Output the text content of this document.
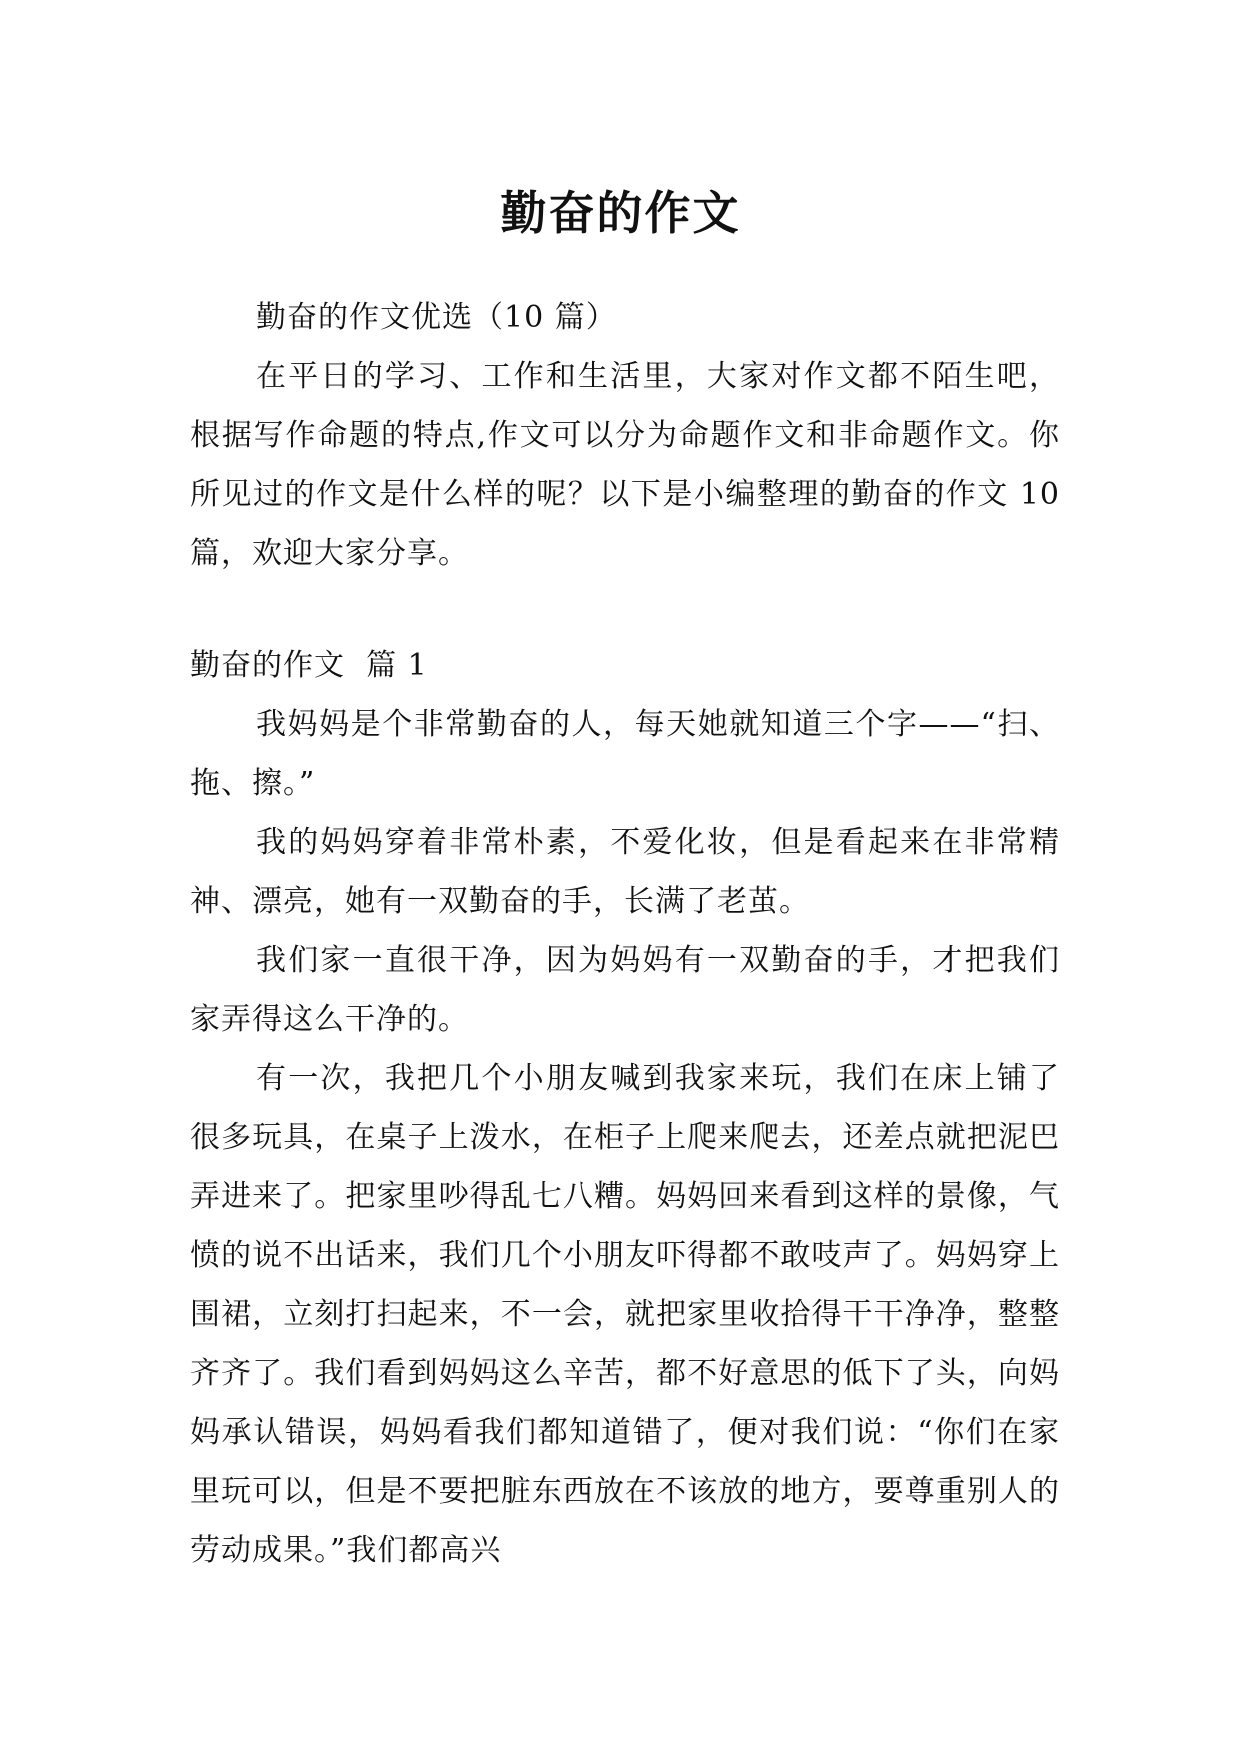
勤奋的作文

勤奋的作文优选（10 篇）

在平日的学习、工作和生活里，大家对作文都不陌生吧，根据写作命题的特点,作文可以分为命题作文和非命题作文。你所见过的作文是什么样的呢？以下是小编整理的勤奋的作文 10 篇，欢迎大家分享。

勤奋的作文  篇 1

我妈妈是个非常勤奋的人，每天她就知道三个字——“扫、拖、擦。”

我的妈妈穿着非常朴素，不爱化妆，但是看起来在非常精神、漂亮，她有一双勤奋的手，长满了老茧。

我们家一直很干净，因为妈妈有一双勤奋的手，才把我们家弄得这么干净的。

有一次，我把几个小朋友喊到我家来玩，我们在床上铺了很多玩具，在桌子上泼水，在柜子上爬来爬去，还差点就把泥巴弄进来了。把家里吵得乱七八糟。妈妈回来看到这样的景像，气愤的说不出话来，我们几个小朋友吓得都不敢吱声了。妈妈穿上围裙，立刻打扫起来，不一会，就把家里收拾得干干净净，整整齐齐了。我们看到妈妈这么辛苦，都不好意思的低下了头，向妈妈承认错误，妈妈看我们都知道错了，便对我们说：“你们在家里玩可以，但是不要把脏东西放在不该放的地方，要尊重别人的劳动成果。”我们都高兴
